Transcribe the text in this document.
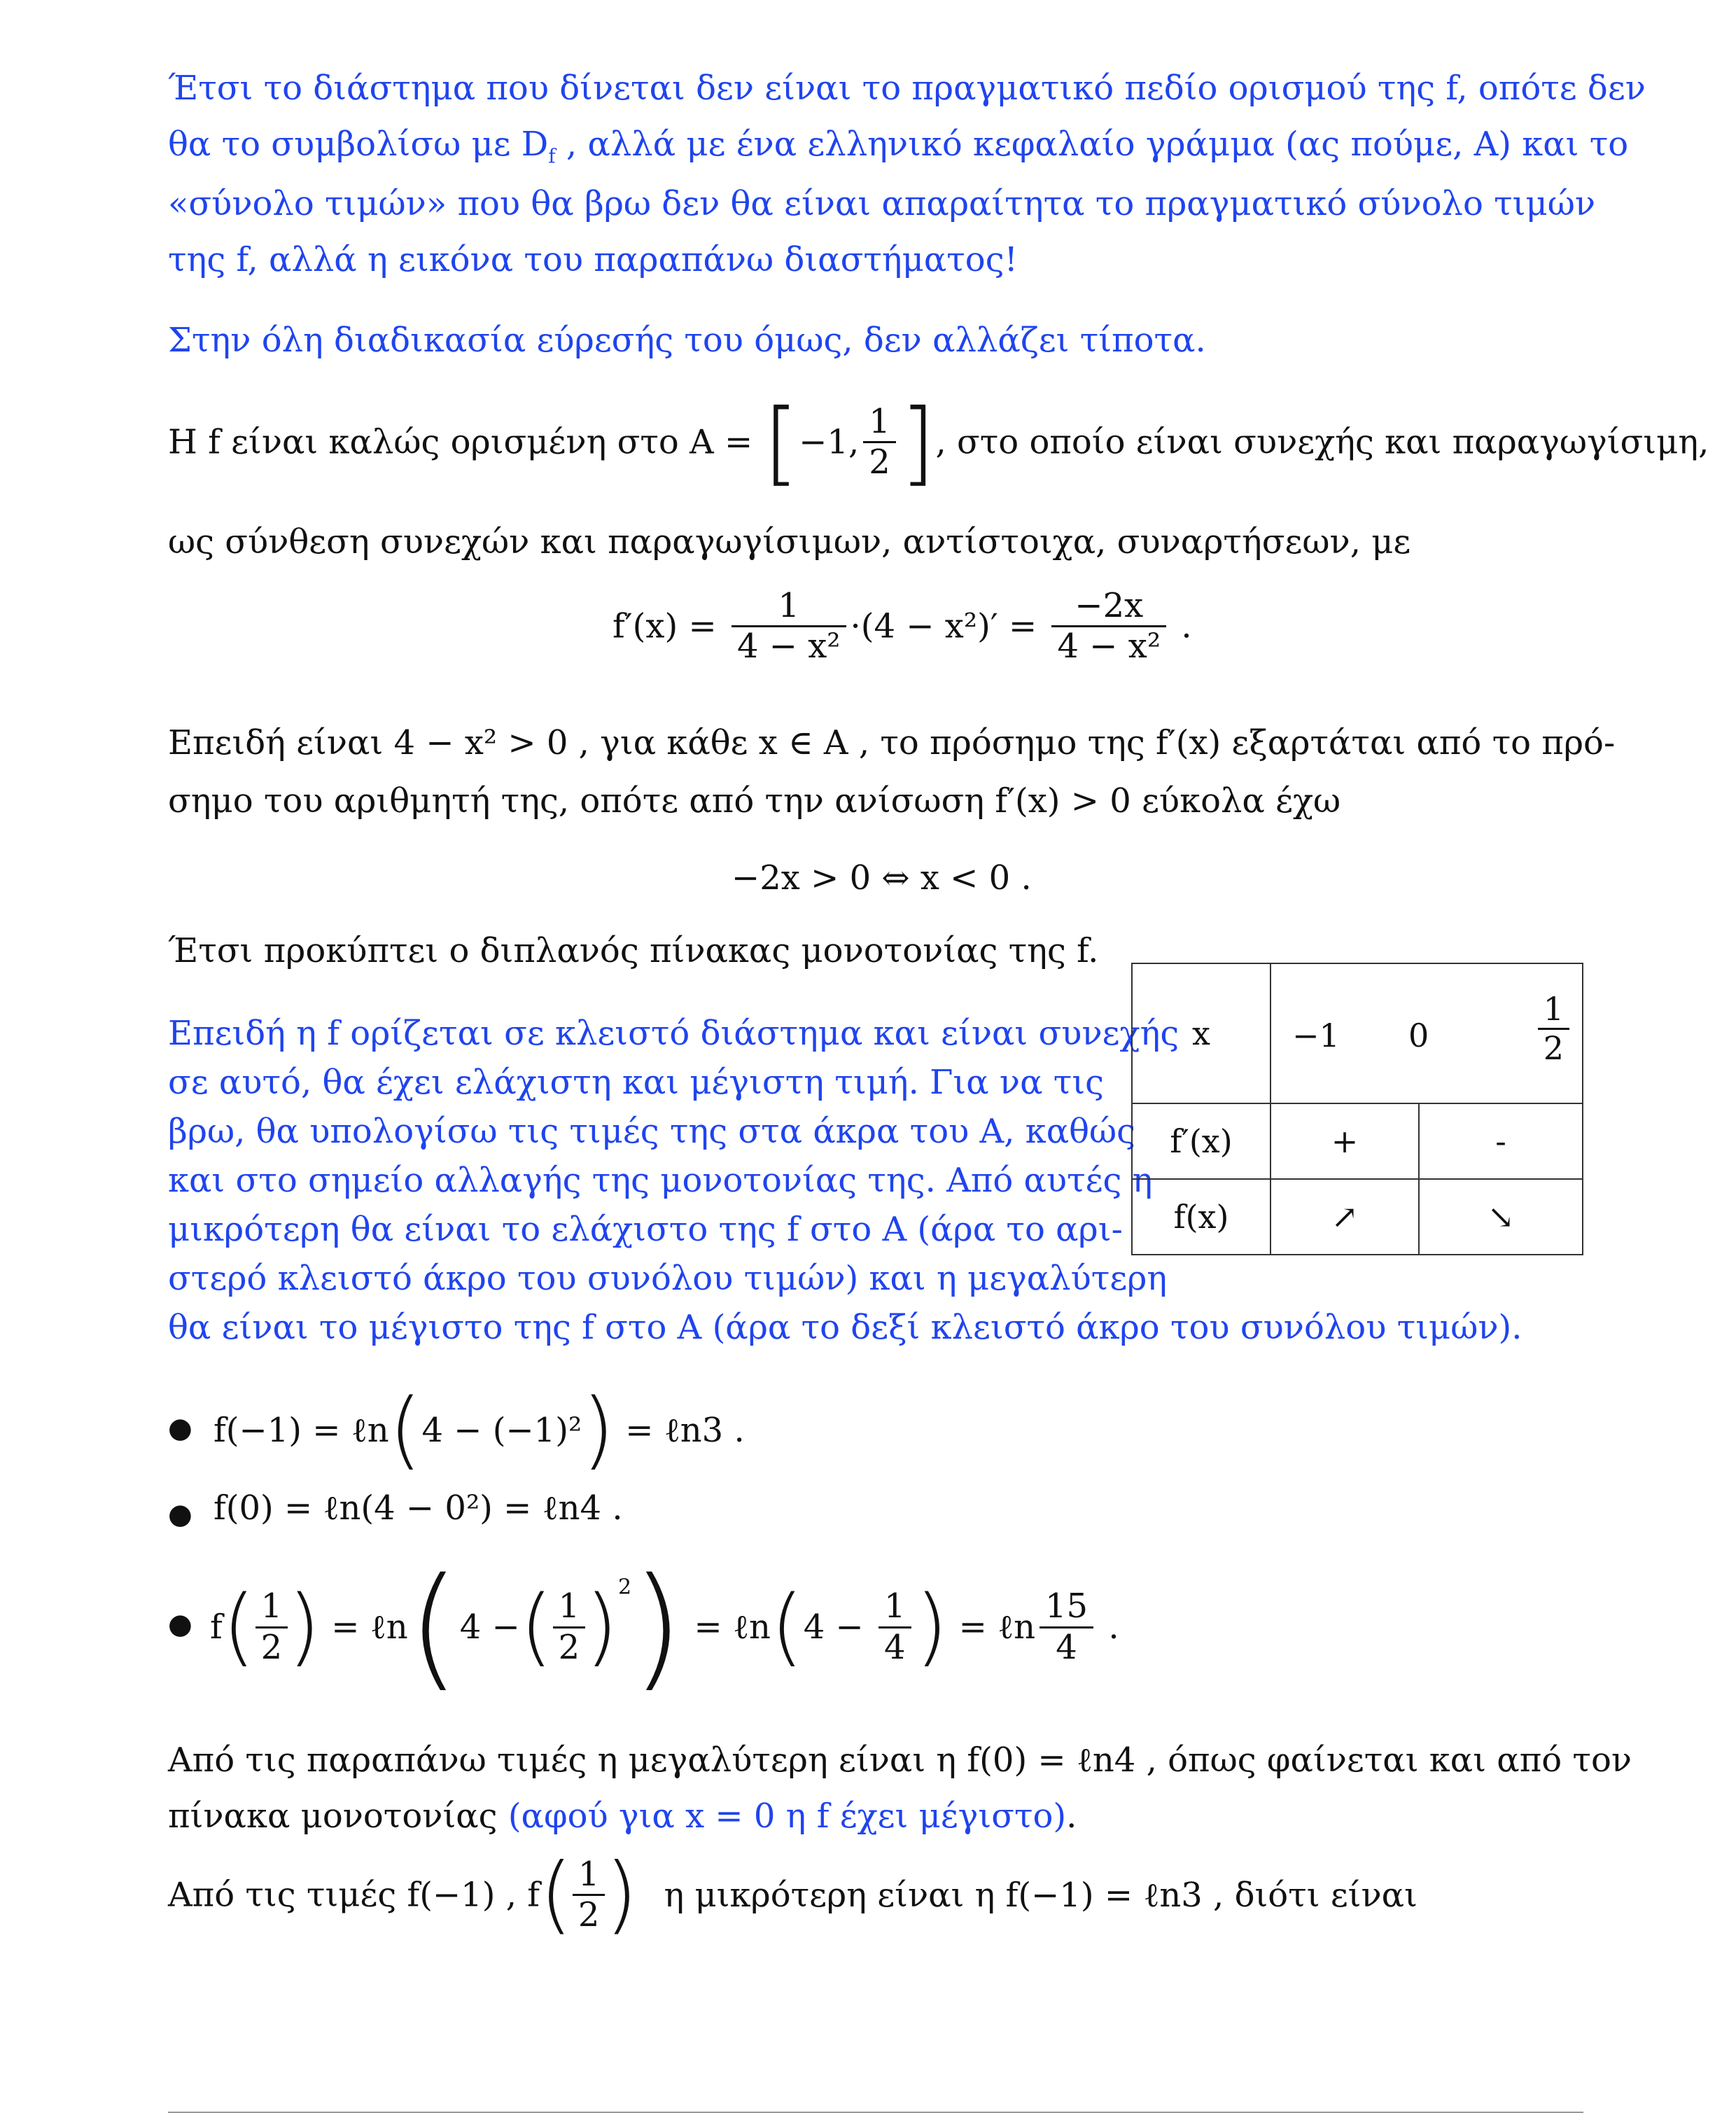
Έτσι το διάστημα που δίνεται δεν είναι το πραγματικό πεδίο ορισμού της f, οπότε δεν
θα το συμβολίσω με $D_f$ , αλλά με ένα ελληνικό κεφαλαίο γράμμα (ας πούμε, Α) και το
«σύνολο τιμών» που θα βρω δεν θα είναι απαραίτητα το πραγματικό σύνολο τιμών
της f, αλλά η εικόνα του παραπάνω διαστήματος!
Στην όλη διαδικασία εύρεσής του όμως, δεν αλλάζει τίποτα.
Η f είναι καλώς ορισμένη στο Α = [−1, $\frac{1}{2}$ ], στο οποίο είναι συνεχής και παραγωγίσιμη,
ως σύνθεση συνεχών και παραγωγίσιμων, αντίστοιχα, συναρτήσεων, με
$f'(x) = \frac{1}{\text{4 − x²}} \cdot(4 - x^2)' = \frac{-2x}{\text{4 − x²}}$ .
Επειδή είναι 4 − x² > 0 , για κάθε x ∈ A , το πρόσημο της f′(x) εξαρτάται από το πρό-
σημο του αριθμητή της, οπότε από την ανίσωση f′(x) > 0 εύκολα έχω
−2x > 0 ⇔ x < 0 .
Έτσι προκύπτει ο διπλανός πίνακας μονοτονίας της f.
Επειδή η f ορίζεται σε κλειστό διάστημα και είναι συνεχής
σε αυτό, θα έχει ελάχιστη και μέγιστη τιμή. Για να τις
βρω, θα υπολογίσω τις τιμές της στα άκρα του Α, καθώς
και στο σημείο αλλαγής της μονοτονίας της. Από αυτές η
μικρότερη θα είναι το ελάχιστο της f στο Α (άρα το αρι-
στερό κλειστό άκρο του συνόλου τιμών) και η μεγαλύτερη
θα είναι το μέγιστο της f στο Α (άρα το δεξί κλειστό άκρο του συνόλου τιμών).
x	−1 $0 \frac{1}{2}$

f′(x)	+	-
f(x)	↗	↘
● f(−1) = ℓn(4 − (−1)²) = ℓn3 .
● f(0) = ℓn(4 − 0²) = ℓn4 .
● $f( \frac{1}{2}$ ) = ℓn(4 −( $\frac{1}{2} )^2$) = ℓn(4 − $\frac{1}{4}$ ) = ℓn $\frac{15}{4}$ .
Από τις παραπάνω τιμές η μεγαλύτερη είναι η f(0) = ℓn4 , όπως φαίνεται και από τον
πίνακα μονοτονίας (αφού για x = 0 η f έχει μέγιστο).
Από τις τιμές f(−1) , $f( \frac{1}{2}$ ) η μικρότερη είναι η f(−1) = ℓn3 , διότι είναι
